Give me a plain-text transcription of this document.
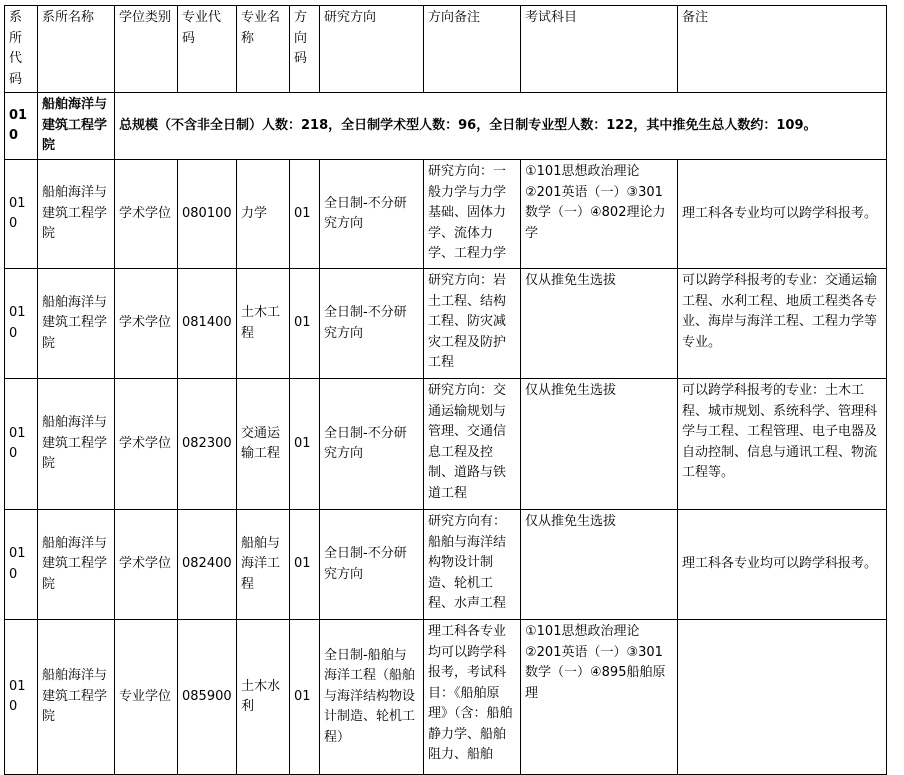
系所代码	系所名称	学位类别	专业代码	专业名称	方向码	研究方向	方向备注	考试科目	备注
010	船舶海洋与建筑工程学院	总规模（不含非全日制）人数：218，全日制学术型人数：96，全日制专业型人数：122，其中推免生总人数约：109。							
010	船舶海洋与建筑工程学院	学术学位	080100	力学	01	全日制-不分研究方向	研究方向：一般力学与力学基础、固体力学、流体力学、工程力学	①101思想政治理论
②201英语（一）③301数学（一）④802理论力学	理工科各专业均可以跨学科报考。
010	船舶海洋与建筑工程学院	学术学位	081400	土木工程	01	全日制-不分研究方向	研究方向：岩土工程、结构工程、防灾减灾工程及防护工程	仅从推免生选拔	可以跨学科报考的专业：交通运输工程、水利工程、地质工程类各专业、海岸与海洋工程、工程力学等专业。
010	船舶海洋与建筑工程学院	学术学位	082300	交通运输工程	01	全日制-不分研究方向	研究方向：交通运输规划与管理、交通信息工程及控制、道路与铁道工程	仅从推免生选拔	可以跨学科报考的专业：土木工程、城市规划、系统科学、管理科学与工程、工程管理、电子电器及自动控制、信息与通讯工程、物流工程等。
010	船舶海洋与建筑工程学院	学术学位	082400	船舶与海洋工程	01	全日制-不分研究方向	研究方向有：船舶与海洋结构物设计制造、轮机工程、水声工程	仅从推免生选拔	理工科各专业均可以跨学科报考。
010	船舶海洋与建筑工程学院	专业学位	085900	土木水利	01	全日制-船舶与海洋工程（船舶与海洋结构物设计制造、轮机工程）	理工科各专业均可以跨学科报考，考试科目：《船舶原理》（含：船舶静力学、船舶阻力、船舶	①101思想政治理论
②201英语（一）③301数学（一）④895船舶原理	
